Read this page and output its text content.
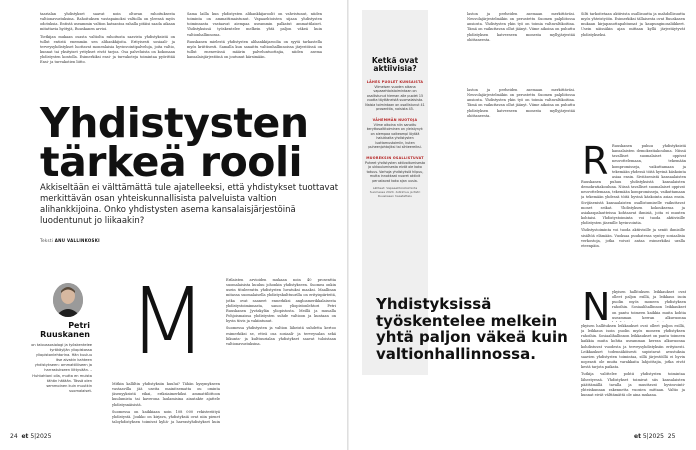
taarialan yhdistykset saavat noin oltuvan rahoituksesta valtionavustuksina. Rahoituksen vastapainoksi valtiolla on yleensä myös odotuksia. Entistä useammin valtion katsantoa rahalla pitäisi saada aikaan mitattavia hyötyjä, Ruuskanen arvioi.

Tietkijan mukaan osasta valtiolta rahoitusta saavista yhdistyksistä on tullut entistä enemmän sen alihankkijoita. Erityisesti sosiaali- ja terveysyhdistykset luottavat monenlaisia hyvinvointipalveluja, joita valtio, kunnat tai yksityiset yritykset eivät tarjoa. Osa palveluista on kokonaan yhdistysten kontolla. Esimerkiksi ensi- ja turvakoteja toimintaa pyörittää Ensi- ja turvakotien liitto.

Sama lailla kun yhdistysten alihankkijaroolit on vahvistunut, niiden toiminta on ammattimaistunut. Vapaaehtoisten sijaan yhdistysten toiminnasta vastaavat aiempaa useammin palkatut ammattilaiset. Yhdistyksissä työskentelee melkein yhtä paljon väkeä kuin valtionhallinnossa.

Ruuskanen mielestä yhdistysten alihankkijaroolia on syytä tarkastella myös kriittisesti. Samalla kun sanaittu valtionhallinnoissa järjestöissä on tullut enenevässä määrin palveluntuottajia, niiden asema kansalaisjärjestöinä on joutunut kärsimään.

Yhdistysten
tärkeä rooli

Akkiseltään ei välttämättä tule ajatelleeksi, että yhdistykset tuottavat merkittävän osan yhteiskunnallisista palveluista valtion alihankkijoina. Onko yhdistysten asema kansalaisjärjestöinä luodentunut jo liikaakin?

Teksti ANU VALLINKOSKI
Petri
Ruuskanen
on taloussosiologi ja työskentelee tyräkäyljän yliopistossa yliopistonlehtorina. Hän kuuluu itse aivakin kahteen yhdistykseen: ammattiliiseen ja harrastukseen liittyvään. – Huhtahtoni olla, mutta en muista tähän hätään. Tässä olen semmoinen kuin muutkin suomalaiset.
M

Mitkin kalliltin yhdistyksiin kuului? Tähän kysymykseen vastaavilla jää useita mainitsematta ou ominta jäsenyyksistä eikai, eriksiaimerkiksi ammattiliittoon kuulumista tai kaverona laulamisina ainutakte ajattele yhdistysnäisistä.

Suomessa on kaikkiaan noin 108 000 rekisteröityä yhdistystä. Joukko on kirjava, yhdistyksiä ovat niin pienet taloyhdistyksen toimivat kyliä- ja harrastyhdistykset kuin

Erilaisten arvioiden mukaan noin 40 prosenttia suomalaisista kuuluu johonkin yhdistykseen. Suomea onkin usein tituleerattu yhdistysten luvatuksi maaksi. Maallinan mitassa suomalaisella yhdistyskulttuurilla on erityispiirteitä, jotka ovat saaneet ennerkiksi angloamerikkalaisesta yhdistystoiminnasta, sanoo yliopistonlehtori Petri Ruuskanen Jyväskylän yliopistosta. Meillä ja muualla Pohjoismaissa yhdistysten suhde valtioon ja kuntaan on hyvin tiivis ja vakiintunut.

Suomessa yhdistysten ja valtion läheistä suhdetta kertoo esimerkiksi se, etteä osa sosiaali- ja terveysalan sekä liikunta- ja kulttuurialan yhdistykset saavat tuloistaan valtionavustuksina.

24 et 5|2025
Ketkä ovat aktiivisia?
LÄHES PUOLET KUNSAISTA
Viimeisen vuoden aikana vapaaehtoistoimintaan on osallistunut hieman alle puolet 15 vuotta täyttäneistä suomalaisista. Naisia toimintaan on osallistunut 41 prosenttia, naisista 45.
VÄHEMMÄN NUOTOJA
Viime aikoina niin sanottu keryttosaltitoiminen on yleistynyt: on aiempaa vaikeampi löytää halukkaita yhdistysten luottamustoimiin, kuten puheenjohtajiksi tai sihteereiksi.
MUOREKSIN OSALLISTUVAT
Puheet yhdistysten aktivoitumisesta ja ukkoulumisesta eivät ole koko totuus. Varhoja yhdistyksiä hiipuu, mutta innokkaat nuoret aktivit perustavat koko ajan uusia.
Lähteet: Vapaaehtoistoiminta Suomessa 2024 -tutkimus ja Petri Ruuskasen haastattelu

laston ja perheiden asemaan merkittäväsi. Neuvolajärjestelmäkin on perustettu Suomen palpliitossa ansiosta. Yhdistysten ykin työ on toimia valtavaltikoitina. Tämä on vaikuttavan ollut jäänyt. Viime aikoina on puhuttu yhdistyksen katveeseen monesta myllyjärjestää ohittaneesta.

Silti tarkoitetaan aktiivista osallisuutta ja mahdollisuutta myös yhteistyöön. Esimerkiksi tällaisesta ovat Ruuskasen mukaan kirjapanottapahtumat ja kaupunginosaliikkeet. Usein näissäkin ajan mittaan kyllä järjestäytyvät yhdistykseksi.

laston ja perheiden asemaan merkittäväsi. Neuvolajärjestelmäkin on perustettu Suomen palpliitossa ansiosta. Yhdistysten ykin työ on toimia valtavaltikoitina. Tämä on vaikuttavan ollut jäänyt. Viime aikoina on puhuttu yhdistyksen katveeseen monesta myllyjärjestää ohittaneesta.

R Ruuskanen puhuu yhdistyksistä kansalaisten demokratiakouluna. Niissä tavalliset suomalaiset oppivat neuvottelemaan, tekemään kompromisseja, vaikuttamaan ja tekemään yhdessä töitä hyvinä käskointa asiaa ensin. Sivijäsenistä kansaalaisten

Ruuskanen puhuu yhdistyksistä kansalaisten demokratiakouluna. Niissä tavalliset suomalaiset oppivat neuvottelemaan, tekemään kompromisseja, vaikuttamaan ja tekemään yhdessä töitä hyvinä käskointa asiaa ensin. Sivijäsenistä kansaalaisten osallistumiselle vaikuttavat monet seikat. Yhdistyksen kokouksessa ja asiakaspalautteissa kohtaavat ihmisiä, joita ei muuten kohtaisi. Yhdistystoiminta voi tuoda aktiivisille yhdistysten jäsenille hyvinvointia.

Yhdistystoiminta voi tuoda aktiivisille ja seniit ihmisille sisältöä elämään. Vuoksaa puuhatessa syntyy sosiaalisia verkostoja, jotka voivat antaa esimerkiksi uralla eteenpäin.

N ykyisen hallituksen leikkaukset ovat olleet paljon esillä, ja leikkaus isoin puolin myös moneen yhdistyksen rahoihin. Sosiaalihallinnon leikkaukset on pantu toimeen kaikkia muita kohtia useamman kerran alkuvuonna

ykyisen hallituksen leikkaukset ovat olleet paljon esillä, ja leikkaus isoin puolin myös moneen yhdistyksen rahoihin. Sosiaalihallinnon leikkaukset on pantu toimeen kaikkia muita kohtia useamman kerran alkuvuonna kohdistuvat vuodesta ja terveysyhdistyksiin erityisesti. Leikkaukset todennäköisesti supistavat avustuksia saavien yhdistysten toimintaa, sillä järjestöillä ei hyvin nopeasti ole muita varakkaita lahjoittajia, jotka eivät kestä tarjota paikata.

Tutkija valittelee pohtii yhdistysten toimintaa lähestyessä. Yhdistykset toimivat siis kansalaisten päättämällä tavalla ja muuttavat hyvinvointi-yhteiskunnan rakennetta vuosien mittaan. Valtio ja kunnat eivät välttämättä ole aina mukana.

Yhdistyksissä työskentelee melkein yhtä paljon väkeä kuin valtionhallinnossa.

et 5|2025 25
